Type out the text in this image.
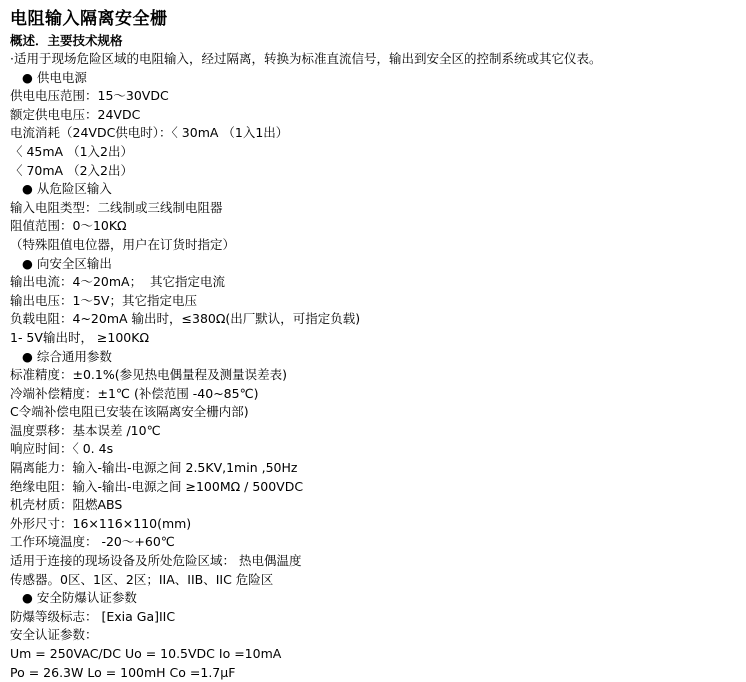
电阻输入隔离安全栅
概述．主要技术规格
·适用于现场危险区域的电阻输入，经过隔离，转换为标准直流信号，输出到安全区的控制系统或其它仪表。
● 供电电源
供电电压范围：15～30VDC
额定供电电压：24VDC
电流消耗（24VDC供电时）：〈 30mA （1入1出）
〈 45mA （1入2出）
〈 70mA （2入2出）
● 从危险区输入
输入电阻类型：二线制或三线制电阻器
阻值范围：0～10KΩ
（特殊阻值电位器，用户在订货时指定）
● 向安全区输出
输出电流：4～20mA；  其它指定电流
输出电压：1～5V；其它指定电压
负载电阻：4~20mA 输出时，≤380Ω(出厂默认，可指定负载)
1- 5V输出时， ≥100KΩ
● 综合通用参数
标准精度：±0.1%(参见热电偶量程及测量误差表)
冷端补偿精度：±1℃ (补偿范围 -40~85℃)
C令端补偿电阻已安装在该隔离安全栅内部)
温度票移：基本误差 /10℃
响应时间：〈 0. 4s
隔离能力：输入-输出-电源之间 2.5KV,1min ,50Hz
绝缘电阻：输入-输出-电源之间 ≥100MΩ / 500VDC
机壳材质：阻燃ABS
外形尺寸：16×116×110(mm)
工作环境温度： -20～+60℃
适用于连接的现场设备及所处危险区域： 热电偶温度
传感器。0区、1区、2区；IIA、IIB、IIC 危险区
● 安全防爆认证参数
防爆等级标志： [Exia Ga]IIC
安全认证参数：
Um = 250VAC/DC Uo = 10.5VDC Io =10mA
Po = 26.3W Lo = 100mH Co =1.7μF
